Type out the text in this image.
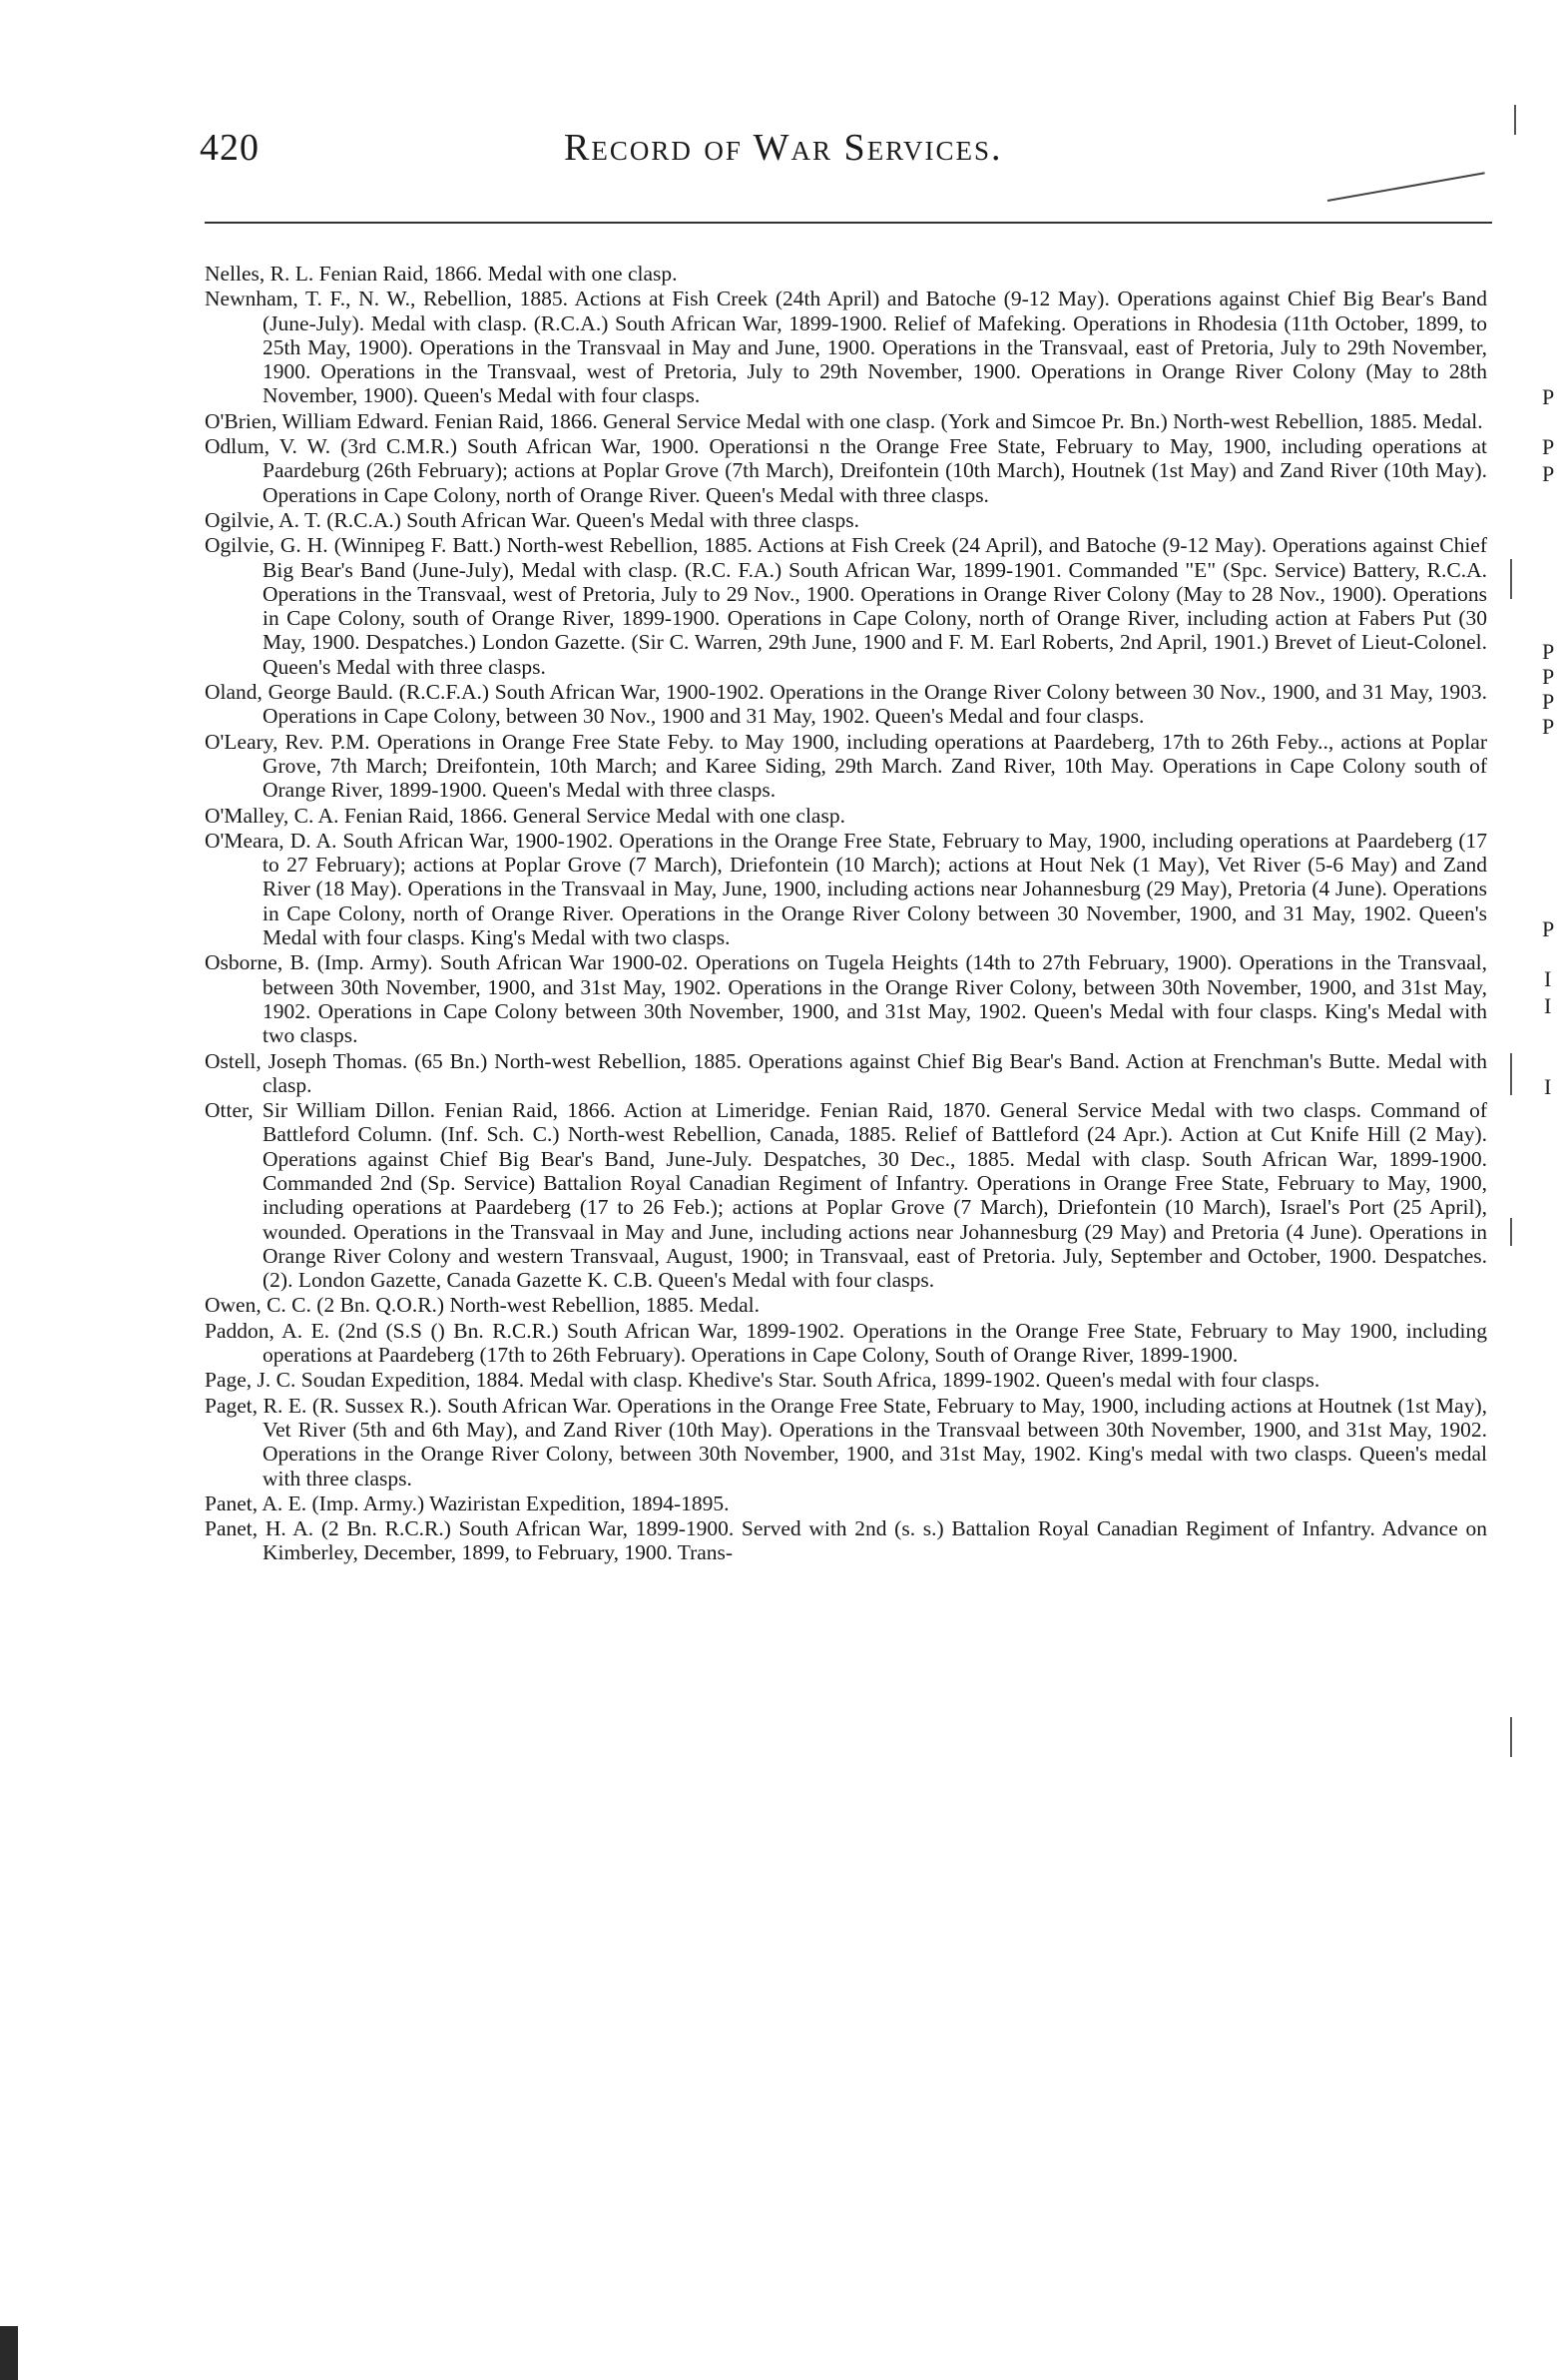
420	Record of War Services.

Nelles, R. L. Fenian Raid, 1866. Medal with one clasp.

Newnham, T. F., N. W., Rebellion, 1885. Actions at Fish Creek (24th April) and Batoche (9-12 May). Operations against Chief Big Bear's Band (June-July). Medal with clasp. (R.C.A.) South African War, 1899-1900. Relief of Mafeking. Operations in Rhodesia (11th October, 1899, to 25th May, 1900). Operations in the Transvaal in May and June, 1900. Operations in the Transvaal, east of Pretoria, July to 29th November, 1900. Operations in the Transvaal, west of Pretoria, July to 29th November, 1900. Operations in Orange River Colony (May to 28th November, 1900). Queen's Medal with four clasps.

O'Brien, William Edward. Fenian Raid, 1866. General Service Medal with one clasp. (York and Simcoe Pr. Bn.) North-west Rebellion, 1885. Medal.

Odlum, V. W. (3rd C.M.R.) South African War, 1900. Operationsi n the Orange Free State, February to May, 1900, including operations at Paardeburg (26th February); actions at Poplar Grove (7th March), Dreifontein (10th March), Houtnek (1st May) and Zand River (10th May). Operations in Cape Colony, north of Orange River. Queen's Medal with three clasps.

Ogilvie, A. T. (R.C.A.) South African War. Queen's Medal with three clasps.

Ogilvie, G. H. (Winnipeg F. Batt.) North-west Rebellion, 1885. Actions at Fish Creek (24 April), and Batoche (9-12 May). Operations against Chief Big Bear's Band (June-July), Medal with clasp. (R.C. F.A.) South African War, 1899-1901. Commanded "E" (Spc. Service) Battery, R.C.A. Operations in the Transvaal, west of Pretoria, July to 29 Nov., 1900. Operations in Orange River Colony (May to 28 Nov., 1900). Operations in Cape Colony, south of Orange River, 1899-1900. Operations in Cape Colony, north of Orange River, including action at Fabers Put (30 May, 1900. Despatches.) London Gazette. (Sir C. Warren, 29th June, 1900 and F. M. Earl Roberts, 2nd April, 1901.) Brevet of Lieut-Colonel. Queen's Medal with three clasps.

Oland, George Bauld. (R.C.F.A.) South African War, 1900-1902. Operations in the Orange River Colony between 30 Nov., 1900, and 31 May, 1903. Operations in Cape Colony, between 30 Nov., 1900 and 31 May, 1902. Queen's Medal and four clasps.

O'Leary, Rev. P.M. Operations in Orange Free State Feby. to May 1900, including operations at Paardeberg, 17th to 26th Feby.., actions at Poplar Grove, 7th March; Dreifontein, 10th March; and Karee Siding, 29th March. Zand River, 10th May. Operations in Cape Colony south of Orange River, 1899-1900. Queen's Medal with three clasps.

O'Malley, C. A. Fenian Raid, 1866. General Service Medal with one clasp.

O'Meara, D. A. South African War, 1900-1902. Operations in the Orange Free State, February to May, 1900, including operations at Paardeberg (17 to 27 February); actions at Poplar Grove (7 March), Driefontein (10 March); actions at Hout Nek (1 May), Vet River (5-6 May) and Zand River (18 May). Operations in the Transvaal in May, June, 1900, including actions near Johannesburg (29 May), Pretoria (4 June). Operations in Cape Colony, north of Orange River. Operations in the Orange River Colony between 30 November, 1900, and 31 May, 1902. Queen's Medal with four clasps. King's Medal with two clasps.

Osborne, B. (Imp. Army). South African War 1900-02. Operations on Tugela Heights (14th to 27th February, 1900). Operations in the Transvaal, between 30th November, 1900, and 31st May, 1902. Operations in the Orange River Colony, between 30th November, 1900, and 31st May, 1902. Operations in Cape Colony between 30th November, 1900, and 31st May, 1902. Queen's Medal with four clasps. King's Medal with two clasps.

Ostell, Joseph Thomas. (65 Bn.) North-west Rebellion, 1885. Operations against Chief Big Bear's Band. Action at Frenchman's Butte. Medal with clasp.

Otter, Sir William Dillon. Fenian Raid, 1866. Action at Limeridge. Fenian Raid, 1870. General Service Medal with two clasps. Command of Battleford Column. (Inf. Sch. C.) North-west Rebellion, Canada, 1885. Relief of Battleford (24 Apr.). Action at Cut Knife Hill (2 May). Operations against Chief Big Bear's Band, June-July. Despatches, 30 Dec., 1885. Medal with clasp. South African War, 1899-1900. Commanded 2nd (Sp. Service) Battalion Royal Canadian Regiment of Infantry. Operations in Orange Free State, February to May, 1900, including operations at Paardeberg (17 to 26 Feb.); actions at Poplar Grove (7 March), Driefontein (10 March), Israel's Port (25 April), wounded. Operations in the Transvaal in May and June, including actions near Johannesburg (29 May) and Pretoria (4 June). Operations in Orange River Colony and western Transvaal, August, 1900; in Transvaal, east of Pretoria. July, September and October, 1900. Despatches. (2). London Gazette, Canada Gazette K. C.B. Queen's Medal with four clasps.

Owen, C. C. (2 Bn. Q.O.R.) North-west Rebellion, 1885. Medal.

Paddon, A. E. (2nd (S.S () Bn. R.C.R.) South African War, 1899-1902. Operations in the Orange Free State, February to May 1900, including operations at Paardeberg (17th to 26th February). Operations in Cape Colony, South of Orange River, 1899-1900.

Page, J. C. Soudan Expedition, 1884. Medal with clasp. Khedive's Star. South Africa, 1899-1902. Queen's medal with four clasps.

Paget, R. E. (R. Sussex R.). South African War. Operations in the Orange Free State, February to May, 1900, including actions at Houtnek (1st May), Vet River (5th and 6th May), and Zand River (10th May). Operations in the Transvaal between 30th November, 1900, and 31st May, 1902. Operations in the Orange River Colony, between 30th November, 1900, and 31st May, 1902. King's medal with two clasps. Queen's medal with three clasps.

Panet, A. E. (Imp. Army.) Waziristan Expedition, 1894-1895.

Panet, H. A. (2 Bn. R.C.R.) South African War, 1899-1900. Served with 2nd (s. s.) Battalion Royal Canadian Regiment of Infantry. Advance on Kimberley, December, 1899, to February, 1900. Trans-

P
P
P
P
P
P
P
P
I
I
I
